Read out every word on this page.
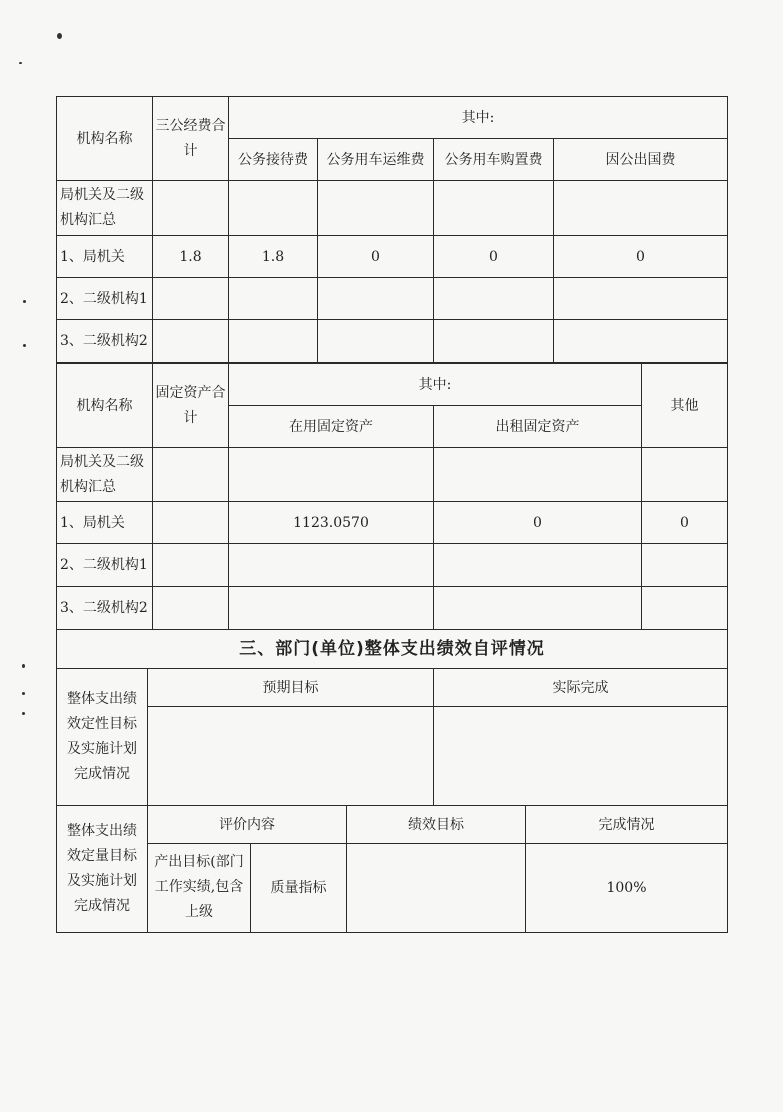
机构名称	三公经费合计	其中:			
		公务接待费	公务用车运维费	公务用车购置费	因公出国费
局机关及二级机构汇总					
1、局机关	1.8	1.8	0	0	0
2、二级机构1					
3、二级机构2					
机构名称	固定资产合计	其中:		其他
		在用固定资产	出租固定资产	
局机关及二级机构汇总				
1、局机关		1123.0570	0	0
2、二级机构1				
3、二级机构2				
三、部门(单位)整体支出绩效自评情况		
整体支出绩效定性目标及实施计划完成情况	预期目标	实际完成

整体支出绩效定量目标及实施计划完成情况	评价内容		绩效目标	完成情况
	产出目标(部门工作实绩,包含上级	质量指标		100%
